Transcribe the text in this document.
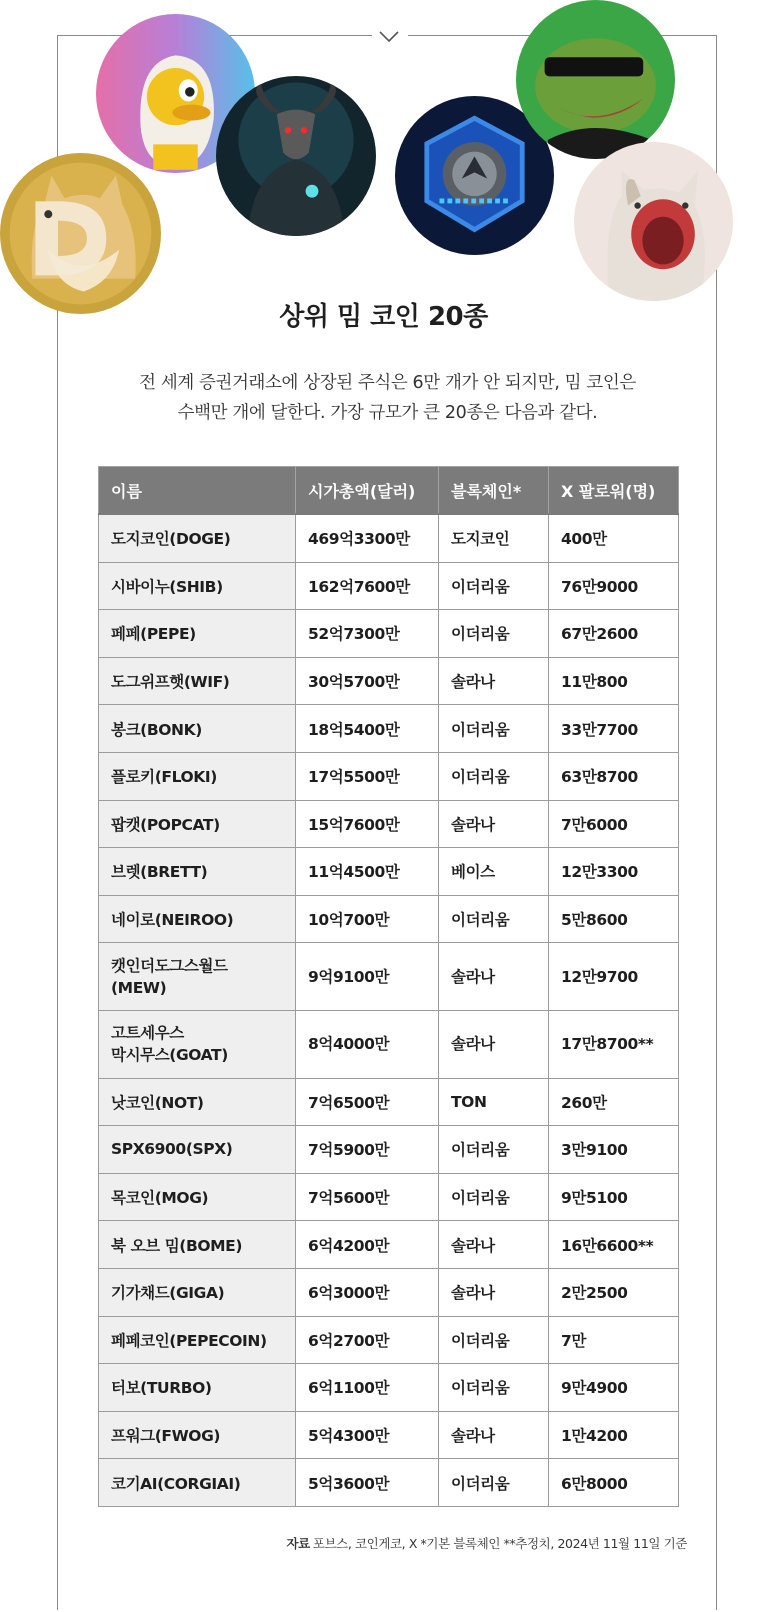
상위 밈 코인 20종
전 세계 증권거래소에 상장된 주식은 6만 개가 안 되지만, 밈 코인은
수백만 개에 달한다. 가장 규모가 큰 20종은 다음과 같다.
이름	시가총액(달러)	블록체인*	X 팔로워(명)
도지코인(DOGE)	469억3300만	도지코인	400만
시바이누(SHIB)	162억7600만	이더리움	76만9000
페페(PEPE)	52억7300만	이더리움	67만2600
도그위프햇(WIF)	30억5700만	솔라나	11만800
봉크(BONK)	18억5400만	이더리움	33만7700
플로키(FLOKI)	17억5500만	이더리움	63만8700
팝캣(POPCAT)	15억7600만	솔라나	7만6000
브렛(BRETT)	11억4500만	베이스	12만3300
네이로(NEIROO)	10억700만	이더리움	5만8600
캣인더도그스월드
(MEW)	9억9100만	솔라나	12만9700
고트세우스
막시무스(GOAT)	8억4000만	솔라나	17만8700**
낫코인(NOT)	7억6500만	TON	260만
SPX6900(SPX)	7억5900만	이더리움	3만9100
목코인(MOG)	7억5600만	이더리움	9만5100
북 오브 밈(BOME)	6억4200만	솔라나	16만6600**
기가채드(GIGA)	6억3000만	솔라나	2만2500
페페코인(PEPECOIN)	6억2700만	이더리움	7만
터보(TURBO)	6억1100만	이더리움	9만4900
프워그(FWOG)	5억4300만	솔라나	1만4200
코기AI(CORGIAI)	5억3600만	이더리움	6만8000
자료 포브스, 코인게코, X *기본 블록체인 **추정치, 2024년 11월 11일 기준
